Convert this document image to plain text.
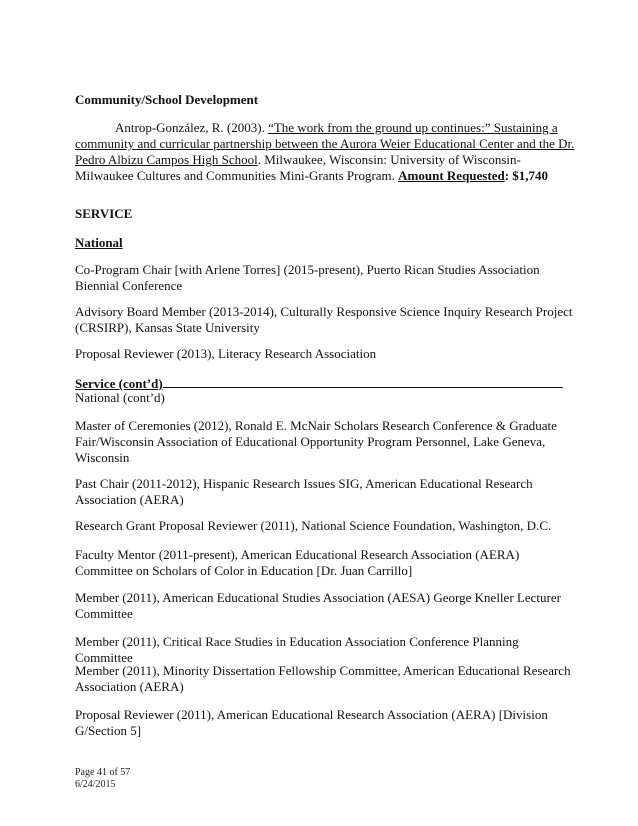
Community/School Development

Antrop-González, R. (2003). “The work from the ground up continues:” Sustaining a community and curricular partnership between the Aurora Weier Educational Center and the Dr. Pedro Albizu Campos High School. Milwaukee, Wisconsin: University of Wisconsin-Milwaukee Cultures and Communities Mini-Grants Program. Amount Requested: $1,740

SERVICE

National

Co-Program Chair [with Arlene Torres] (2015-present), Puerto Rican Studies Association Biennial Conference

Advisory Board Member (2013-2014), Culturally Responsive Science Inquiry Research Project (CRSIRP), Kansas State University

Proposal Reviewer (2013), Literacy Research Association

Service (cont’d)

National (cont’d)

Master of Ceremonies (2012), Ronald E. McNair Scholars Research Conference & Graduate Fair/Wisconsin Association of Educational Opportunity Program Personnel, Lake Geneva, Wisconsin

Past Chair (2011-2012), Hispanic Research Issues SIG, American Educational Research Association (AERA)

Research Grant Proposal Reviewer (2011), National Science Foundation, Washington, D.C.

Faculty Mentor (2011-present), American Educational Research Association (AERA) Committee on Scholars of Color in Education [Dr. Juan Carrillo]

Member (2011), American Educational Studies Association (AESA) George Kneller Lecturer Committee

Member (2011), Critical Race Studies in Education Association Conference Planning Committee

Member (2011), Minority Dissertation Fellowship Committee, American Educational Research Association (AERA)

Proposal Reviewer (2011), American Educational Research Association (AERA) [Division G/Section 5]

Page 41 of 57
6/24/2015
